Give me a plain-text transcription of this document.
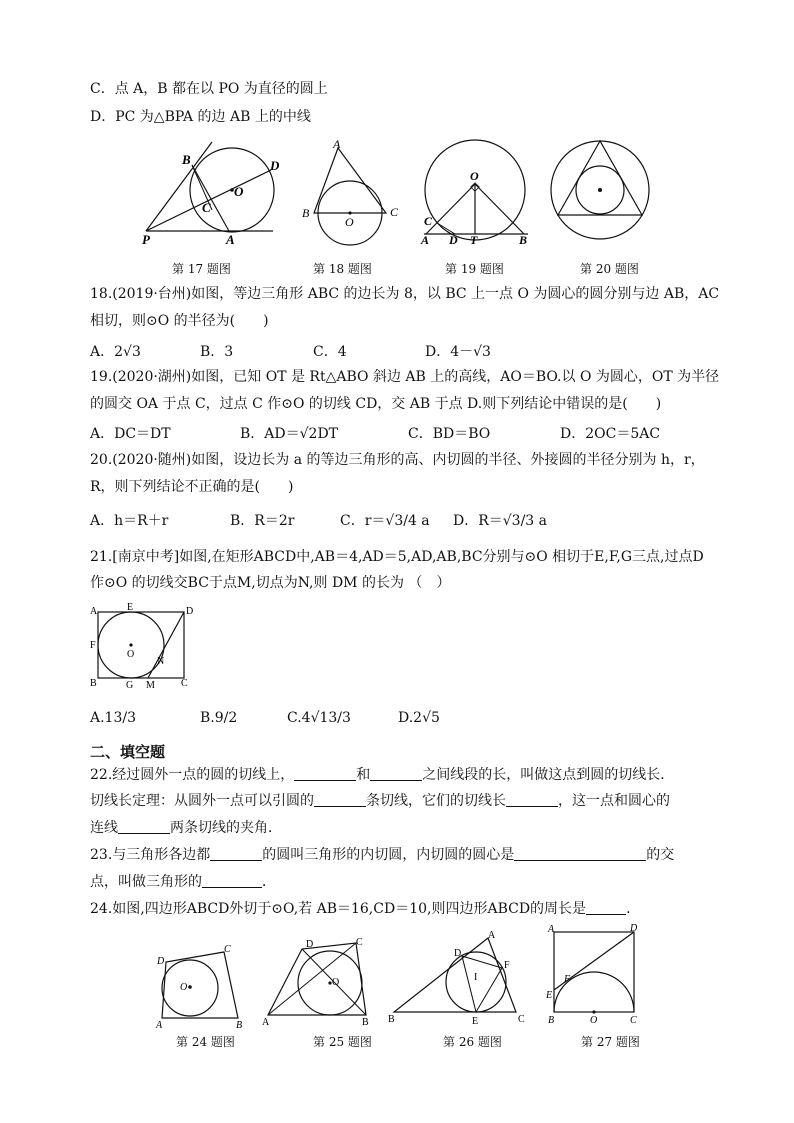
C．点 A，B 都在以 PO 为直径的圆上
D．PC 为△BPA 的边 AB 上的中线
B	D
O
C
P	A
A
B	C
O
O
C
A D T	B
第 17 题图	第 18 题图	第 19 题图	第 20 题图
18.(2019·台州)如图，等边三角形 ABC 的边长为 8，以 BC 上一点 O 为圆心的圆分别与边 AB，AC
相切，则⊙O 的半径为(　　)
A．2√3	B．3	C．4	D．4－√3
19.(2020·湖州)如图，已知 OT 是 Rt△ABO 斜边 AB 上的高线，AO＝BO.以 O 为圆心，OT 为半径
的圆交 OA 于点 C，过点 C 作⊙O 的切线 CD，交 AB 于点 D.则下列结论中错误的是(　　)
A．DC＝DT	B．AD＝√2DT	C．BD＝BO	D．2OC＝5AC
20.(2020·随州)如图，设边长为 a 的等边三角形的高、内切圆的半径、外接圆的半径分别为 h，r，
R，则下列结论不正确的是(　　)
A．h＝R＋r	B．R＝2r	C．r＝√3/4 a D．R＝√3/3 a
21.[南京中考]如图,在矩形ABCD中,AB＝4,AD＝5,AD,AB,BC分别与⊙O 相切于E,F,G三点,过点D
作⊙O 的切线交BC于点M,切点为N,则 DM 的长为 （　）
A	E	D
F
O
N
B	G M	C
A.13/3	B.9/2	C.4√13/3	D.2√5
二、填空题
22.经过圆外一点的圆的切线上，	和	之间线段的长，叫做这点到圆的切线长．
切线长定理：从圆外一点可以引圆的	条切线，它们的切线长	，这一点和圆心的
连线	两条切线的夹角．
23.与三角形各边都	的圆叫三角形的内切圆，内切圆的圆心是	的交
点，叫做三角形的	．
24.如图,四边形ABCD外切于⊙O,若 AB＝16,CD＝10,则四边形ABCD的周长是	.
D
C
O
A	B
D	C
O
A	B
A
D
I
F
B	E	C
A	D
F
E
B	O	C
第 24 题图	第 25 题图	第 26 题图	第 27 题图
